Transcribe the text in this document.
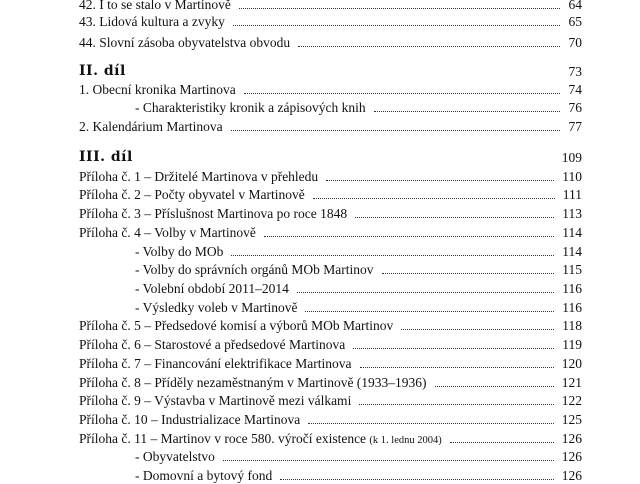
42. I to se stalo v Martinově	64
43. Lidová kultura a zvyky	65
44. Slovní zásoba obyvatelstva obvodu	70
II. díl	73
1. Obecní kronika Martinova	74
- Charakteristiky kronik a zápisových knih	76
2. Kalendárium Martinova	77
III. díl	109
Příloha č. 1 – Držitelé Martinova v přehledu	110
Příloha č. 2 – Počty obyvatel v Martinově	111
Příloha č. 3 – Příslušnost Martinova po roce 1848	113
Příloha č. 4 – Volby v Martinově	114
- Volby do MOb	114
- Volby do správních orgánů MOb Martinov	115
- Volební období 2011–2014	116
- Výsledky voleb v Martinově	116
Příloha č. 5 – Předsedové komisí a výborů MOb Martinov	118
Příloha č. 6 – Starostové a předsedové Martinova	119
Příloha č. 7 – Financování elektrifikace Martinova	120
Příloha č. 8 – Příděly nezaměstnaným v Martinově (1933–1936)	121
Příloha č. 9 – Výstavba v Martinově mezi válkami	122
Příloha č. 10 – Industrializace Martinova	125
Příloha č. 11 – Martinov v roce 580. výročí existence (k 1. lednu 2004)	126
- Obyvatelstvo	126
- Domovní a bytový fond	126
